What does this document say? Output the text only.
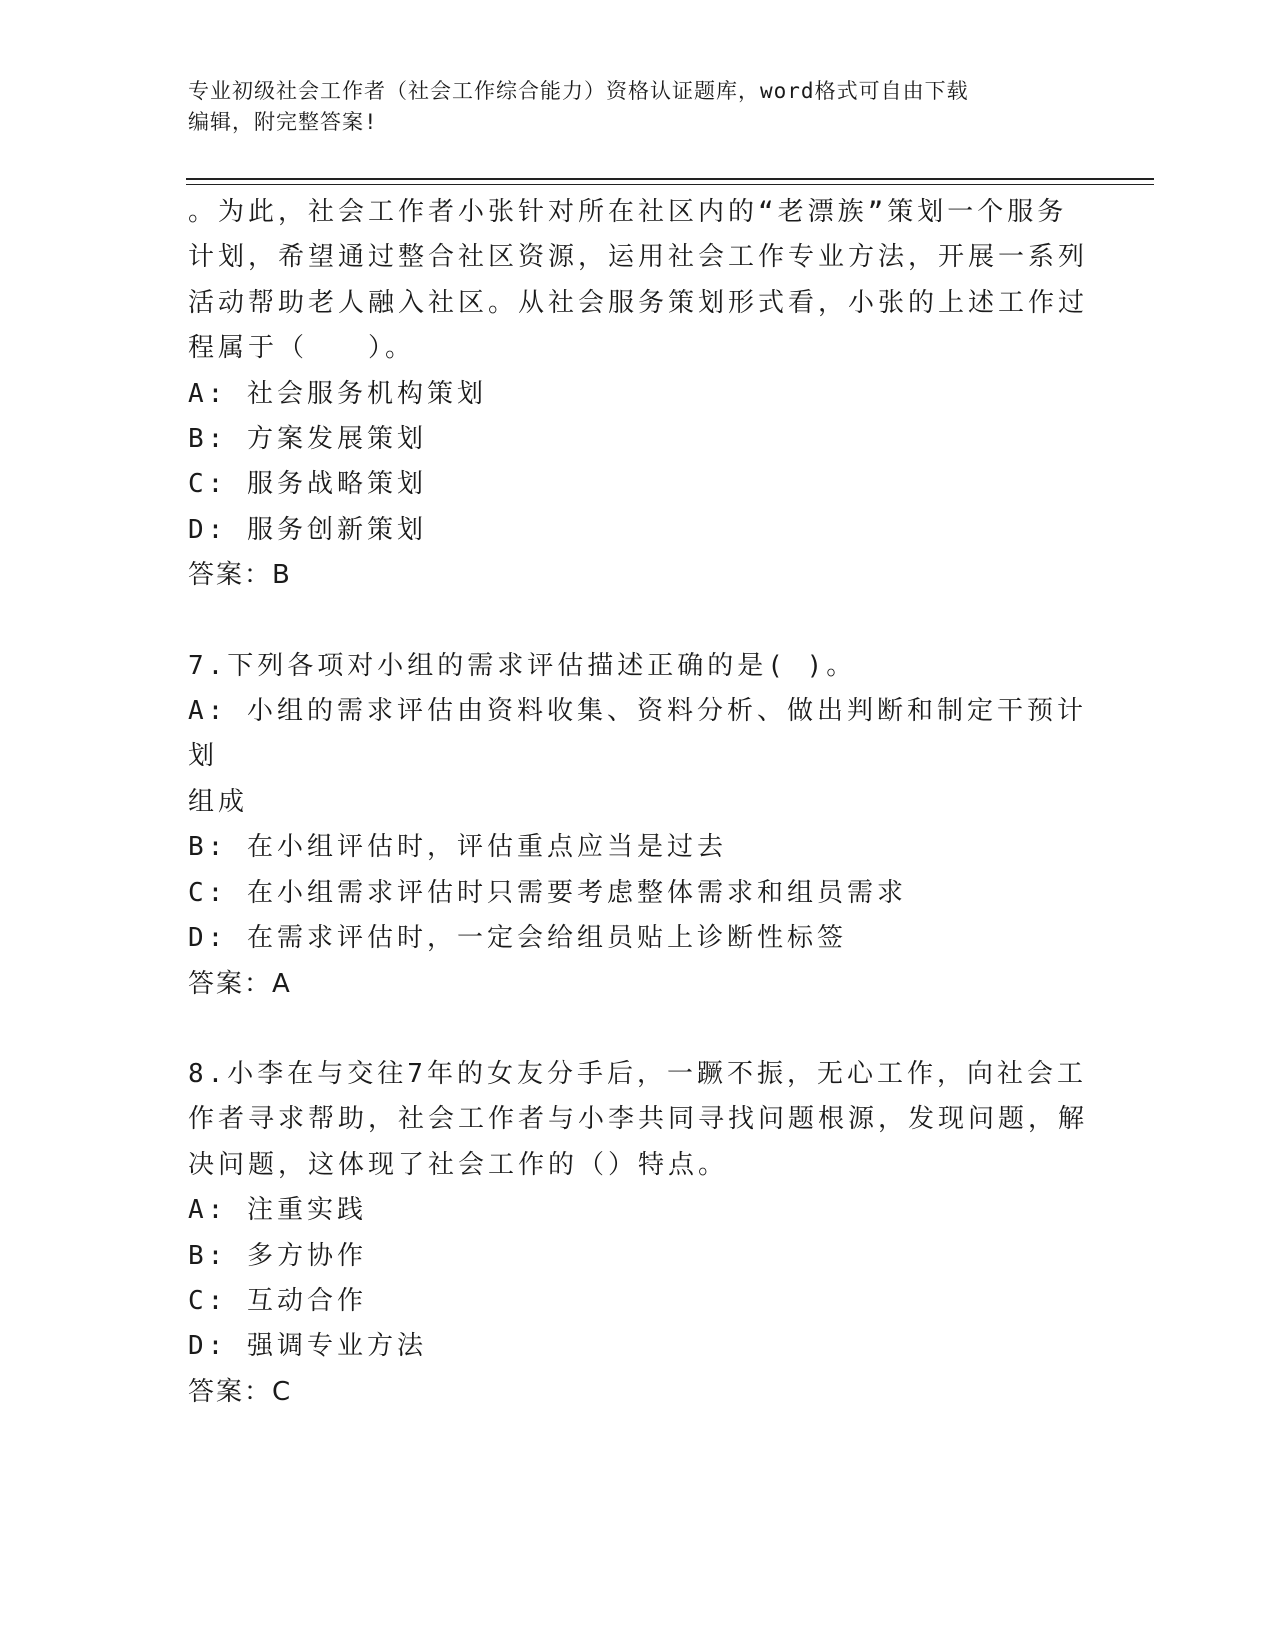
专业初级社会工作者（社会工作综合能力）资格认证题库，word格式可自由下载
编辑，附完整答案!

。为此，社会工作者小张针对所在社区内的“老漂族”策划一个服务

计划，希望通过整合社区资源，运用社会工作专业方法，开展一系列

活动帮助老人融入社区。从社会服务策划形式看，小张的上述工作过

程属于（　　）。

A: 社会服务机构策划

B: 方案发展策划

C: 服务战略策划

D: 服务创新策划

答案：B

7.下列各项对小组的需求评估描述正确的是( )。

A: 小组的需求评估由资料收集、资料分析、做出判断和制定干预计划

组成

B: 在小组评估时，评估重点应当是过去

C: 在小组需求评估时只需要考虑整体需求和组员需求

D: 在需求评估时，一定会给组员贴上诊断性标签

答案：A

8.小李在与交往7年的女友分手后，一蹶不振，无心工作，向社会工

作者寻求帮助，社会工作者与小李共同寻找问题根源，发现问题，解

决问题，这体现了社会工作的（）特点。

A: 注重实践

B: 多方协作

C: 互动合作

D: 强调专业方法

答案：C
